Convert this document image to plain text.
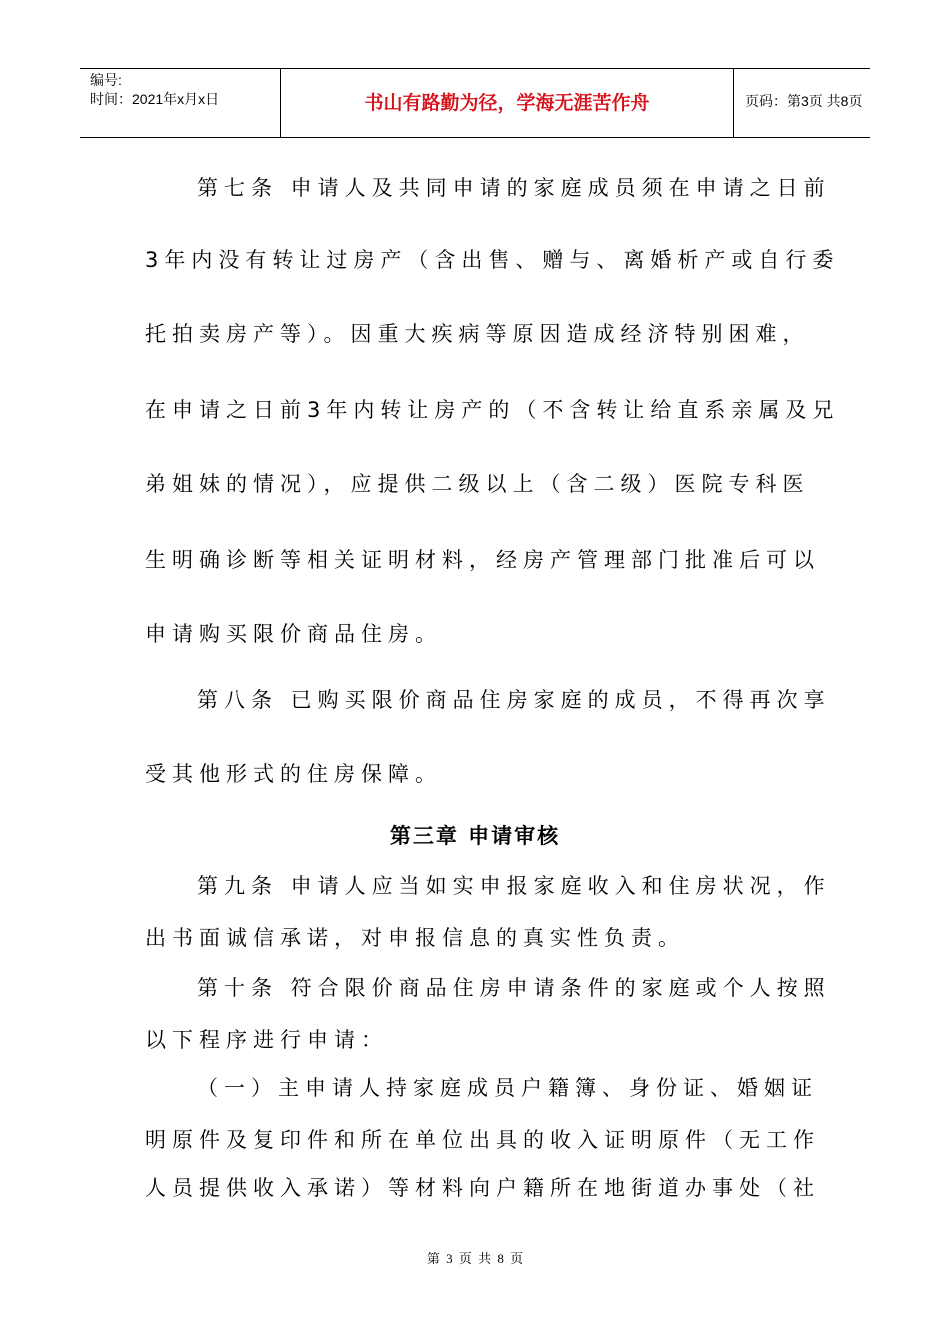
编号:
时间：2021年x月x日	书山有路勤为径，学海无涯苦作舟	页码：第3页 共8页
第七条 申请人及共同申请的家庭成员须在申请之日前
3年内没有转让过房产（含出售、赠与、离婚析产或自行委
托拍卖房产等）。因重大疾病等原因造成经济特别困难，
在申请之日前3年内转让房产的（不含转让给直系亲属及兄
弟姐妹的情况），应提供二级以上（含二级）医院专科医
生明确诊断等相关证明材料，经房产管理部门批准后可以
申请购买限价商品住房。
第八条 已购买限价商品住房家庭的成员，不得再次享
受其他形式的住房保障。
第三章 申请审核
第九条 申请人应当如实申报家庭收入和住房状况，作
出书面诚信承诺，对申报信息的真实性负责。
第十条 符合限价商品住房申请条件的家庭或个人按照
以下程序进行申请：
（一）主申请人持家庭成员户籍簿、身份证、婚姻证
明原件及复印件和所在单位出具的收入证明原件（无工作
人员提供收入承诺）等材料向户籍所在地街道办事处（社
第 3 页 共 8 页
